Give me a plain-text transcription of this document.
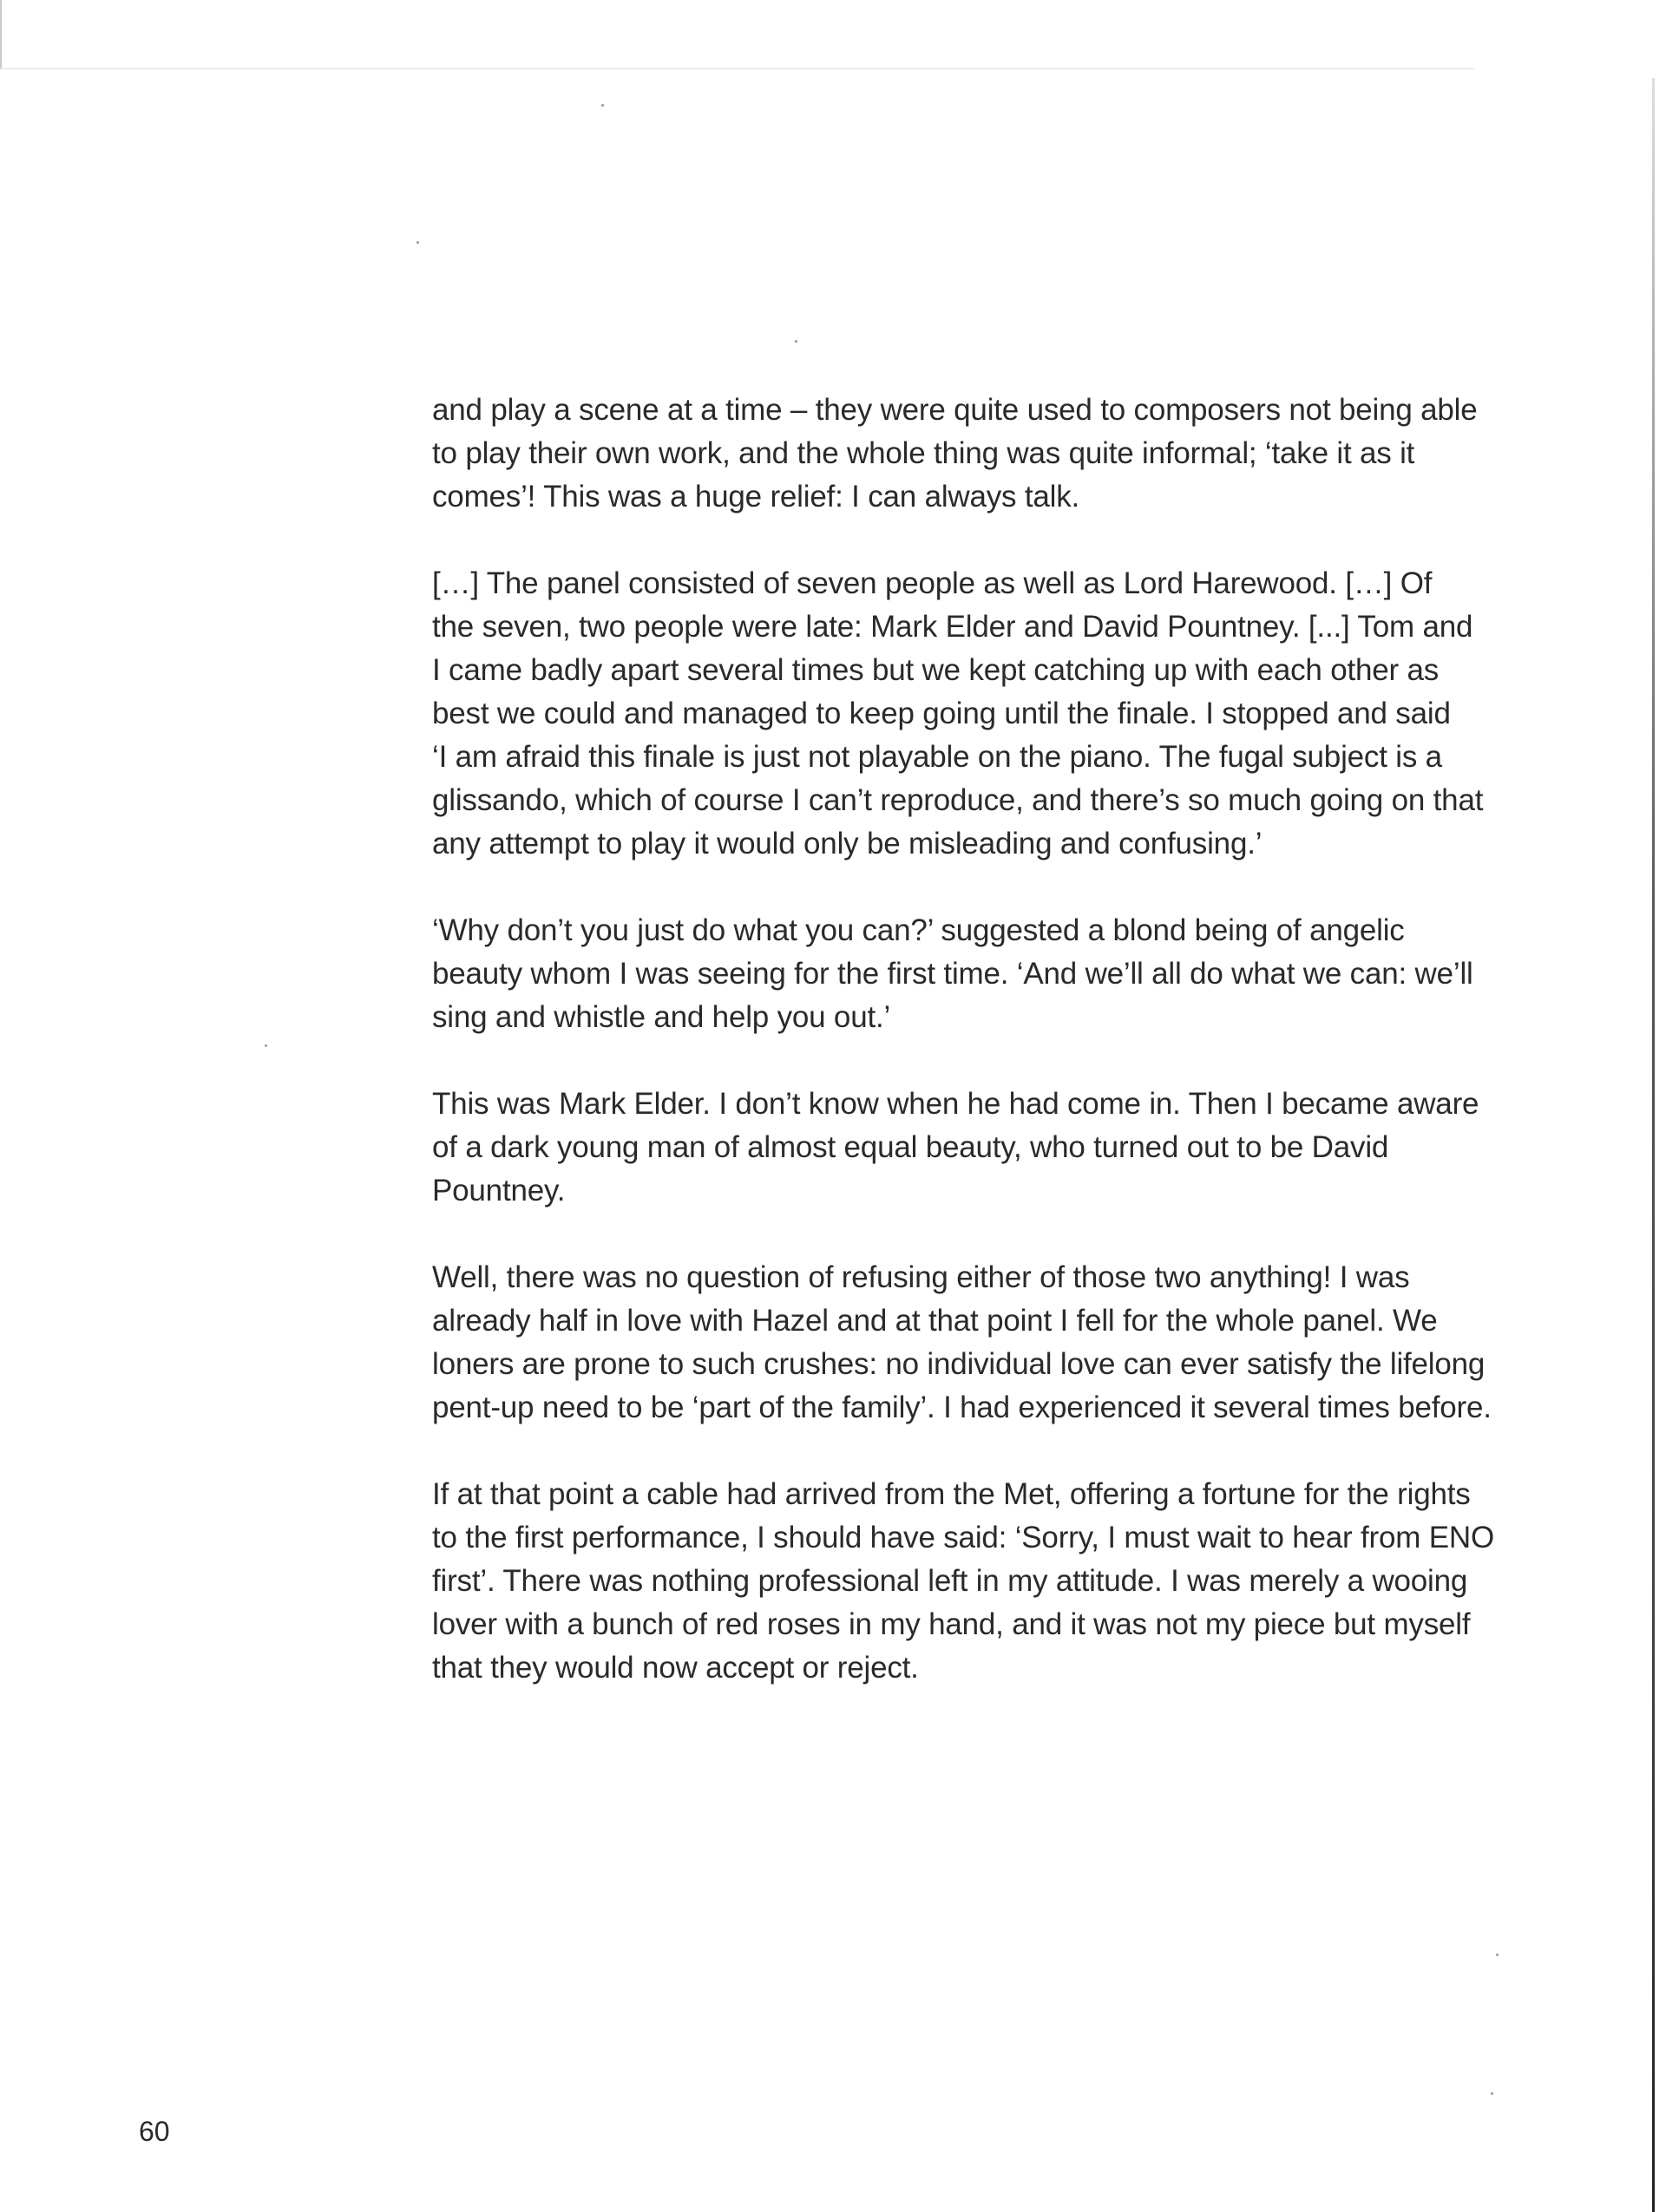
and play a scene at a time – they were quite used to composers not being able
to play their own work, and the whole thing was quite informal; ‘take it as it
comes’! This was a huge relief: I can always talk.

[…] The panel consisted of seven people as well as Lord Harewood. […] Of
the seven, two people were late: Mark Elder and David Pountney. [...] Tom and
I came badly apart several times but we kept catching up with each other as
best we could and managed to keep going until the finale. I stopped and said
‘I am afraid this finale is just not playable on the piano. The fugal subject is a
glissando, which of course I can’t reproduce, and there’s so much going on that
any attempt to play it would only be misleading and confusing.’

‘Why don’t you just do what you can?’ suggested a blond being of angelic
beauty whom I was seeing for the first time. ‘And we’ll all do what we can: we’ll
sing and whistle and help you out.’

This was Mark Elder. I don’t know when he had come in. Then I became aware
of a dark young man of almost equal beauty, who turned out to be David
Pountney.

Well, there was no question of refusing either of those two anything! I was
already half in love with Hazel and at that point I fell for the whole panel. We
loners are prone to such crushes: no individual love can ever satisfy the lifelong
pent-up need to be ‘part of the family’. I had experienced it several times before.

If at that point a cable had arrived from the Met, offering a fortune for the rights
to the first performance, I should have said: ‘Sorry, I must wait to hear from ENO
first’. There was nothing professional left in my attitude. I was merely a wooing
lover with a bunch of red roses in my hand, and it was not my piece but myself
that they would now accept or reject.

60
